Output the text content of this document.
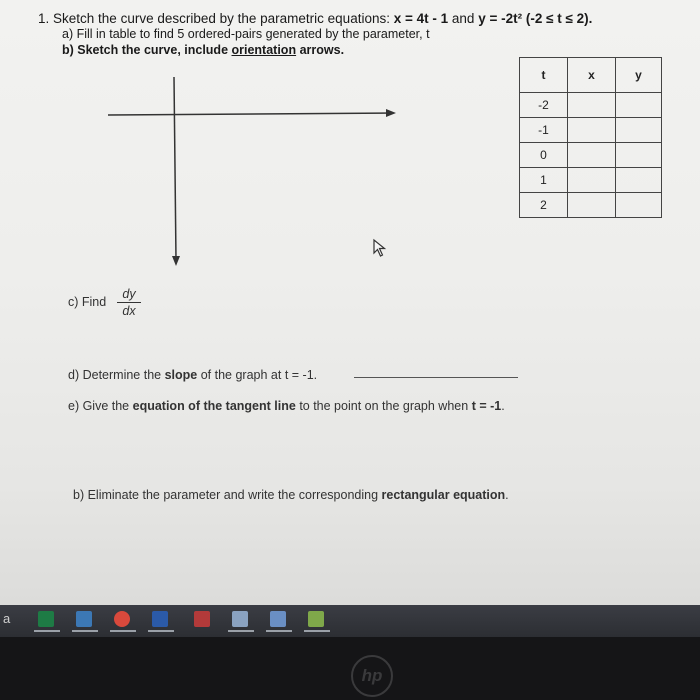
1. Sketch the curve described by the parametric equations: x = 4t - 1 and y = -2t² (-2 ≤ t ≤ 2).
a) Fill in table to find 5 ordered-pairs generated by the parameter, t
b) Sketch the curve, include orientation arrows.
t	x	y
-2		
-1		
0		
1		
2		
c) Find
dy
dx
d) Determine the slope of the graph at t = -1.
e) Give the equation of the tangent line to the point on the graph when t = -1.
b) Eliminate the parameter and write the corresponding rectangular equation.
a
hp
